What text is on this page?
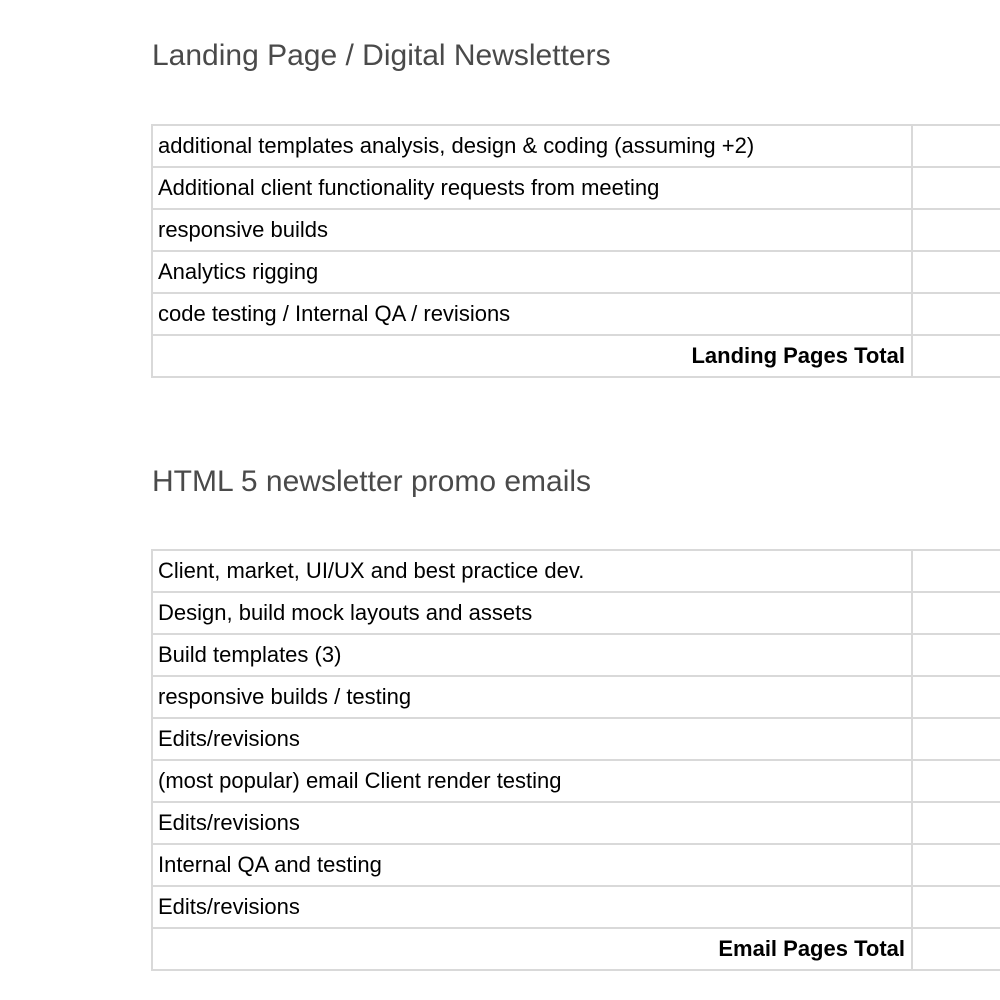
Landing Page / Digital Newsletters
additional templates analysis, design & coding (assuming +2)	
Additional client functionality requests from meeting	
responsive builds	
Analytics rigging	
code testing / Internal QA / revisions	
Landing Pages Total	
HTML 5 newsletter promo emails
Client, market, UI/UX and best practice dev.	
Design, build mock layouts and assets	
Build templates (3)	
responsive builds / testing	
Edits/revisions	
(most popular) email Client render testing	
Edits/revisions	
Internal QA and testing	
Edits/revisions	
Email Pages Total	
